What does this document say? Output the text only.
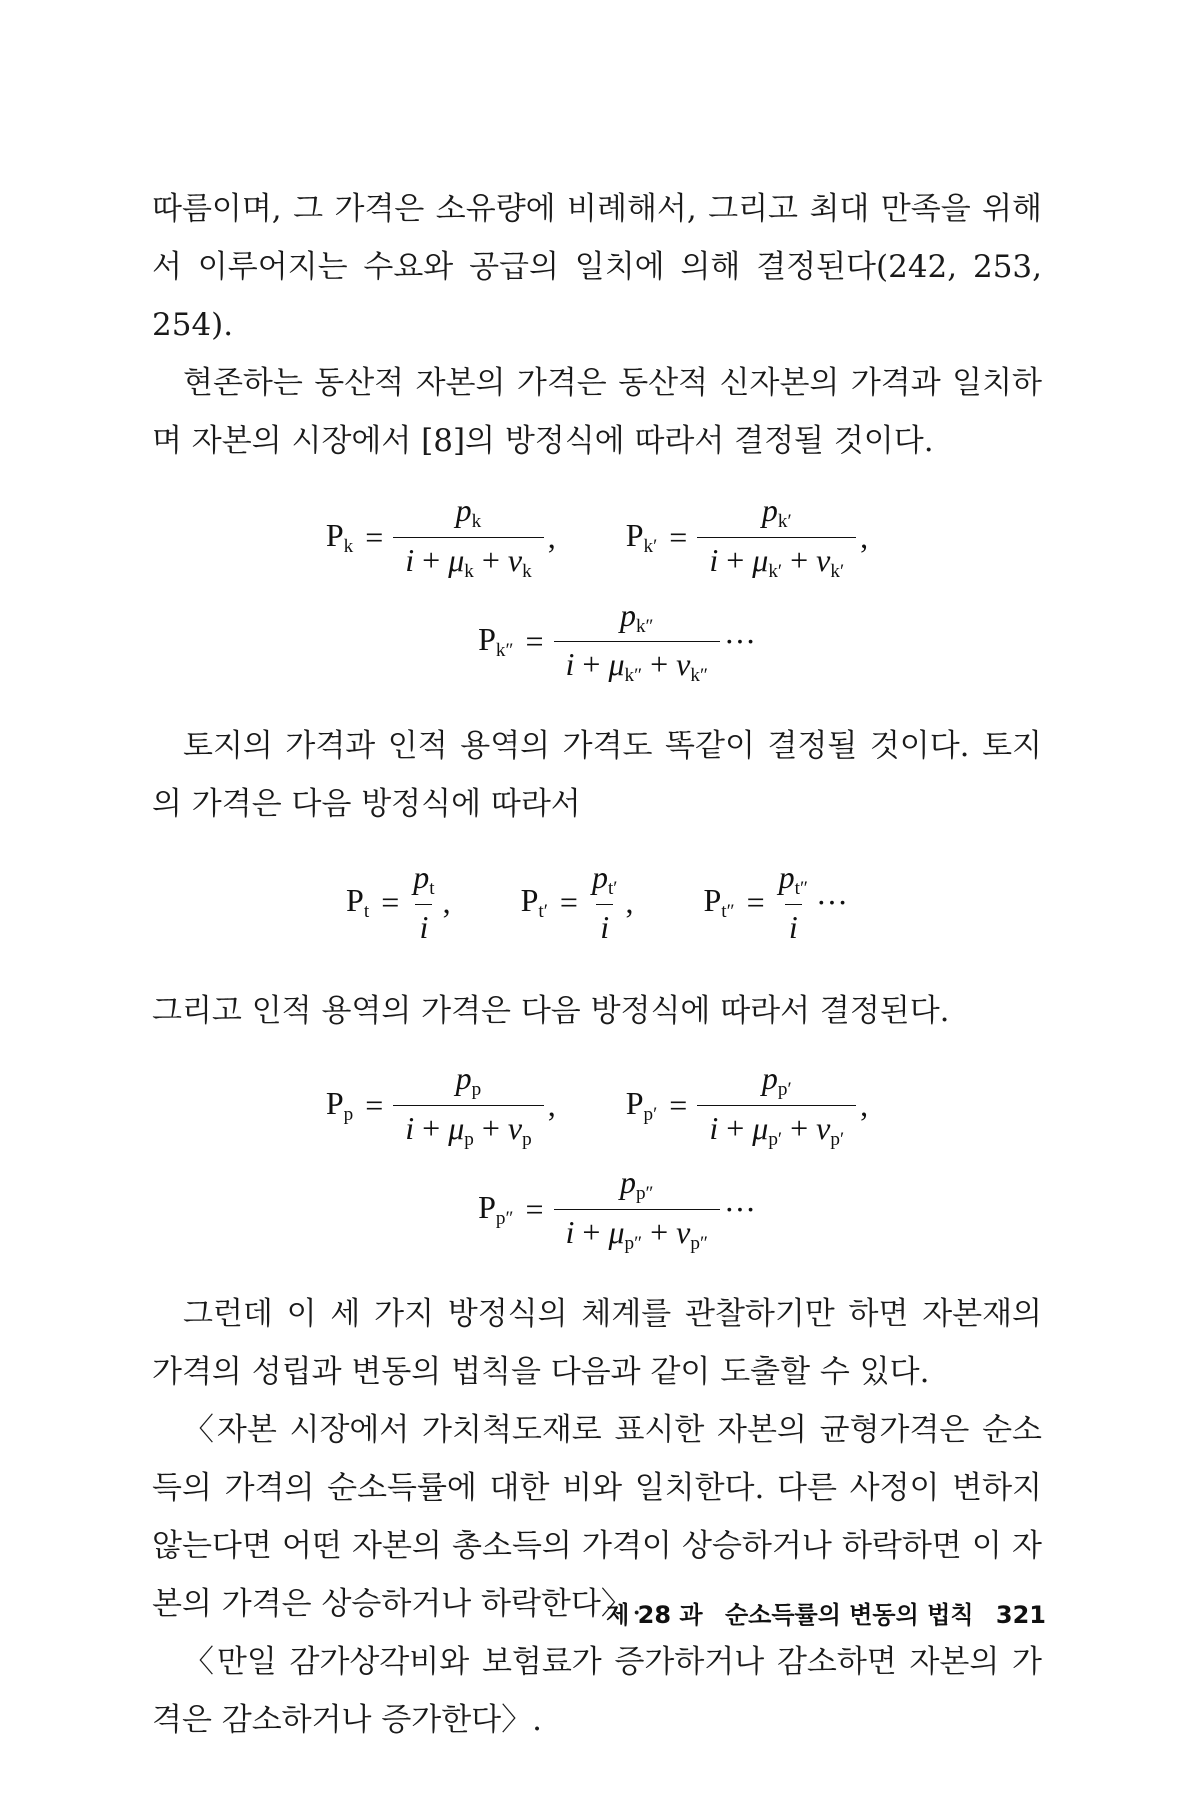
따름이며, 그 가격은 소유량에 비례해서, 그리고 최대 만족을 위해서 이루어지는 수요와 공급의 일치에 의해 결정된다(242, 253, 254).

현존하는 동산적 자본의 가격은 동산적 신자본의 가격과 일치하며 자본의 시장에서 [8]의 방정식에 따라서 결정될 것이다.

$P_k = \frac{p_k}{i + \mu_k + \nu_k}$ , $P_{k'} = \frac{p_{k'}}{i + \mu_{k'} + \nu_{k'}}$ ,
$P_{k''} = \frac{p_{k''}}{i + \mu_{k''} + \nu_{k''}}$ ···

토지의 가격과 인적 용역의 가격도 똑같이 결정될 것이다. 토지의 가격은 다음 방정식에 따라서

$P_t = \frac{p_t}{i}$ , $P_{t'} = \frac{p_{t'}}{i}$ , $P_{t''} = \frac{p_{t''}}{i}$ ···

그리고 인적 용역의 가격은 다음 방정식에 따라서 결정된다.

$P_p = \frac{p_p}{i + \mu_p + \nu_p}$ , $P_{p'} = \frac{p_{p'}}{i + \mu_{p'} + \nu_{p'}}$ ,
$P_{p''} = \frac{p_{p''}}{i + \mu_{p''} + \nu_{p''}}$ ···

그런데 이 세 가지 방정식의 체계를 관찰하기만 하면 자본재의 가격의 성립과 변동의 법칙을 다음과 같이 도출할 수 있다.

〈자본 시장에서 가치척도재로 표시한 자본의 균형가격은 순소득의 가격의 순소득률에 대한 비와 일치한다. 다른 사정이 변하지 않는다면 어떤 자본의 총소득의 가격이 상승하거나 하락하면 이 자본의 가격은 상승하거나 하락한다〉.

〈만일 감가상각비와 보험료가 증가하거나 감소하면 자본의 가격은 감소하거나 증가한다〉.

제 28 과 순소득률의 변동의 법칙 321
